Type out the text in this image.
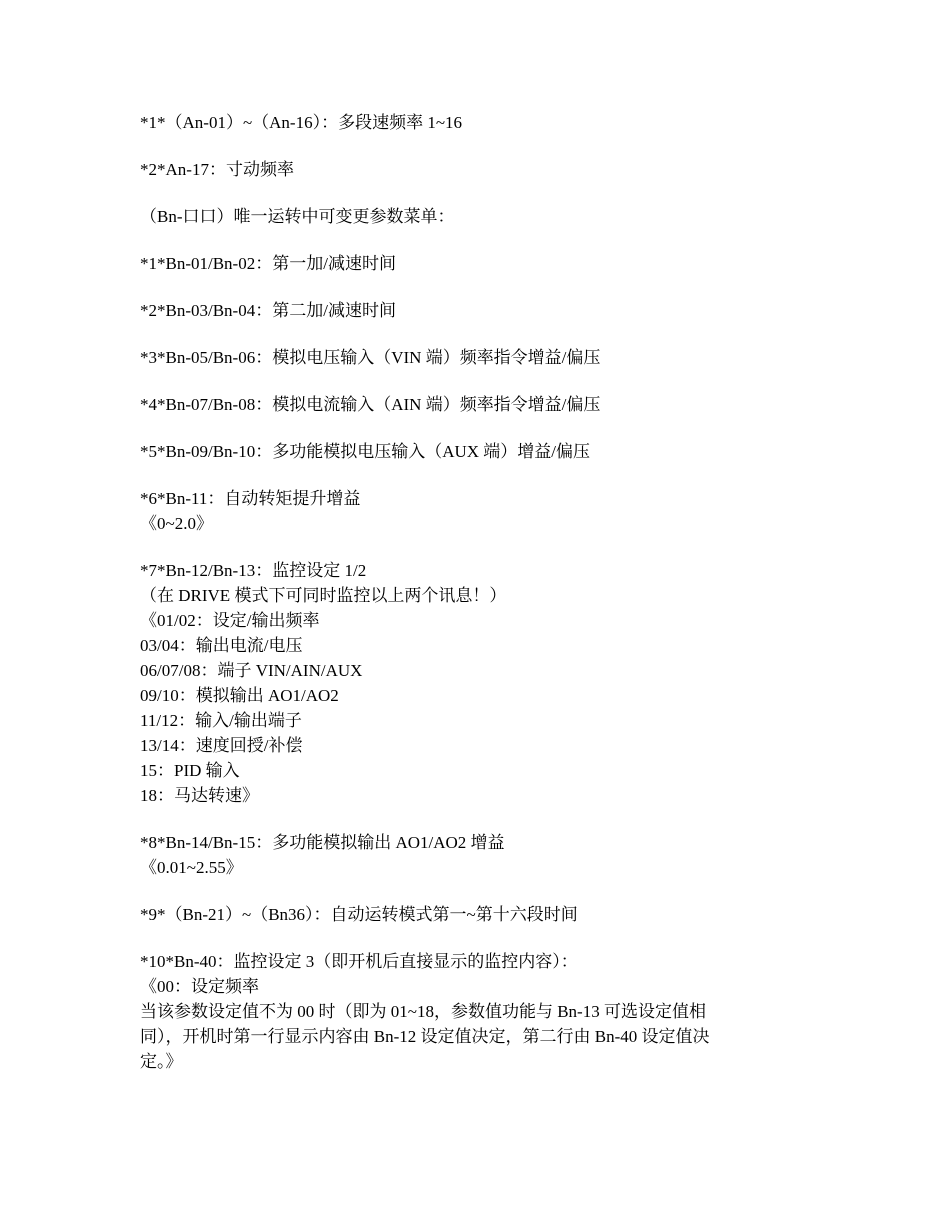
*1*（An-01）~（An-16）：多段速频率 1~16

*2*An-17：寸动频率

（Bn-口口）唯一运转中可变更参数菜单：

*1*Bn-01/Bn-02：第一加/减速时间

*2*Bn-03/Bn-04：第二加/减速时间

*3*Bn-05/Bn-06：模拟电压输入（VIN 端）频率指令增益/偏压

*4*Bn-07/Bn-08：模拟电流输入（AIN 端）频率指令增益/偏压

*5*Bn-09/Bn-10：多功能模拟电压输入（AUX 端）增益/偏压

*6*Bn-11：自动转矩提升增益

《0~2.0》

*7*Bn-12/Bn-13：监控设定 1/2

（在 DRIVE 模式下可同时监控以上两个讯息！）

《01/02：设定/输出频率

03/04：输出电流/电压

06/07/08：端子 VIN/AIN/AUX

09/10：模拟输出 AO1/AO2

11/12：输入/输出端子

13/14：速度回授/补偿

15：PID 输入

18：马达转速》

*8*Bn-14/Bn-15：多功能模拟输出 AO1/AO2 增益

《0.01~2.55》

*9*（Bn-21）~（Bn36）：自动运转模式第一~第十六段时间

*10*Bn-40：监控设定 3（即开机后直接显示的监控内容）：

《00：设定频率

当该参数设定值不为 00 时（即为 01~18，参数值功能与 Bn-13 可选设定值相

同），开机时第一行显示内容由 Bn-12 设定值决定，第二行由 Bn-40 设定值决

定。》
